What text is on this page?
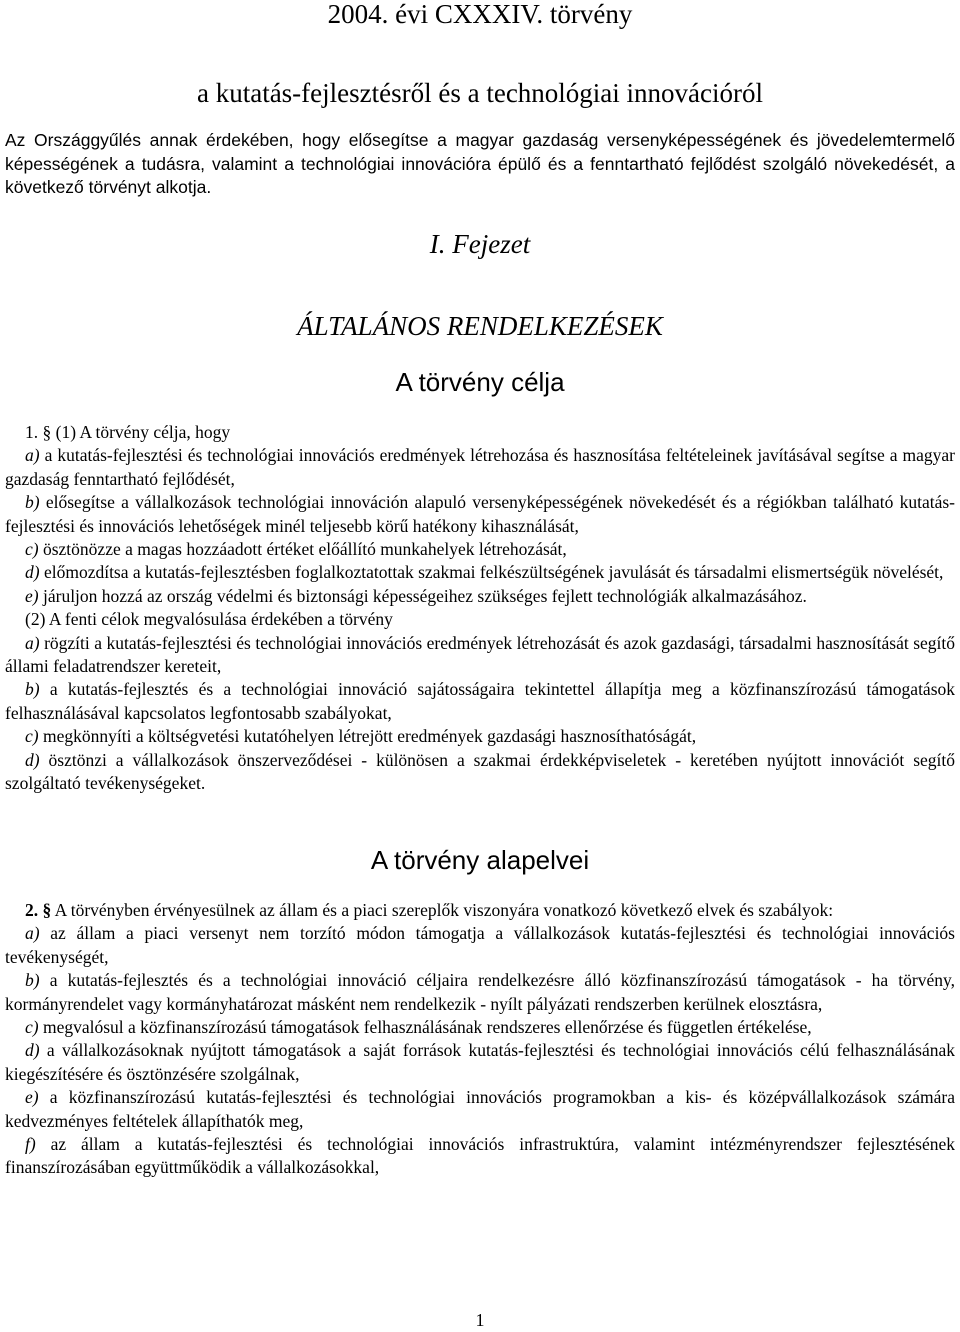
2004. évi CXXXIV. törvény
a kutatás-fejlesztésről és a technológiai innovációról

Az Országgyűlés annak érdekében, hogy elősegítse a magyar gazdaság versenyképességének és jövedelemtermelő képességének a tudásra, valamint a technológiai innovációra épülő és a fenntartható fejlődést szolgáló növekedését, a következő törvényt alkotja.

I. Fejezet
ÁLTALÁNOS RENDELKEZÉSEK
A törvény célja

1. § (1) A törvény célja, hogy

a) a kutatás-fejlesztési és technológiai innovációs eredmények létrehozása és hasznosítása feltételeinek javításával segítse a magyar gazdaság fenntartható fejlődését,

b) elősegítse a vállalkozások technológiai innováción alapuló versenyképességének növekedését és a régiókban található kutatás-fejlesztési és innovációs lehetőségek minél teljesebb körű hatékony kihasználását,

c) ösztönözze a magas hozzáadott értéket előállító munkahelyek létrehozását,

d) előmozdítsa a kutatás-fejlesztésben foglalkoztatottak szakmai felkészültségének javulását és társadalmi elismertségük növelését,

e) járuljon hozzá az ország védelmi és biztonsági képességeihez szükséges fejlett technológiák alkalmazásához.

(2) A fenti célok megvalósulása érdekében a törvény

a) rögzíti a kutatás-fejlesztési és technológiai innovációs eredmények létrehozását és azok gazdasági, társadalmi hasznosítását segítő állami feladatrendszer kereteit,

b) a kutatás-fejlesztés és a technológiai innováció sajátosságaira tekintettel állapítja meg a közfinanszírozású támogatások felhasználásával kapcsolatos legfontosabb szabályokat,

c) megkönnyíti a költségvetési kutatóhelyen létrejött eredmények gazdasági hasznosíthatóságát,

d) ösztönzi a vállalkozások önszerveződései - különösen a szakmai érdekképviseletek - keretében nyújtott innovációt segítő szolgáltató tevékenységeket.

A törvény alapelvei

2. § A törvényben érvényesülnek az állam és a piaci szereplők viszonyára vonatkozó következő elvek és szabályok:

a) az állam a piaci versenyt nem torzító módon támogatja a vállalkozások kutatás-fejlesztési és technológiai innovációs tevékenységét,

b) a kutatás-fejlesztés és a technológiai innováció céljaira rendelkezésre álló közfinanszírozású támogatások - ha törvény, kormányrendelet vagy kormányhatározat másként nem rendelkezik - nyílt pályázati rendszerben kerülnek elosztásra,

c) megvalósul a közfinanszírozású támogatások felhasználásának rendszeres ellenőrzése és független értékelése,

d) a vállalkozásoknak nyújtott támogatások a saját források kutatás-fejlesztési és technológiai innovációs célú felhasználásának kiegészítésére és ösztönzésére szolgálnak,

e) a közfinanszírozású kutatás-fejlesztési és technológiai innovációs programokban a kis- és középvállalkozások számára kedvezményes feltételek állapíthatók meg,

f) az állam a kutatás-fejlesztési és technológiai innovációs infrastruktúra, valamint intézményrendszer fejlesztésének finanszírozásában együttműködik a vállalkozásokkal,

1
